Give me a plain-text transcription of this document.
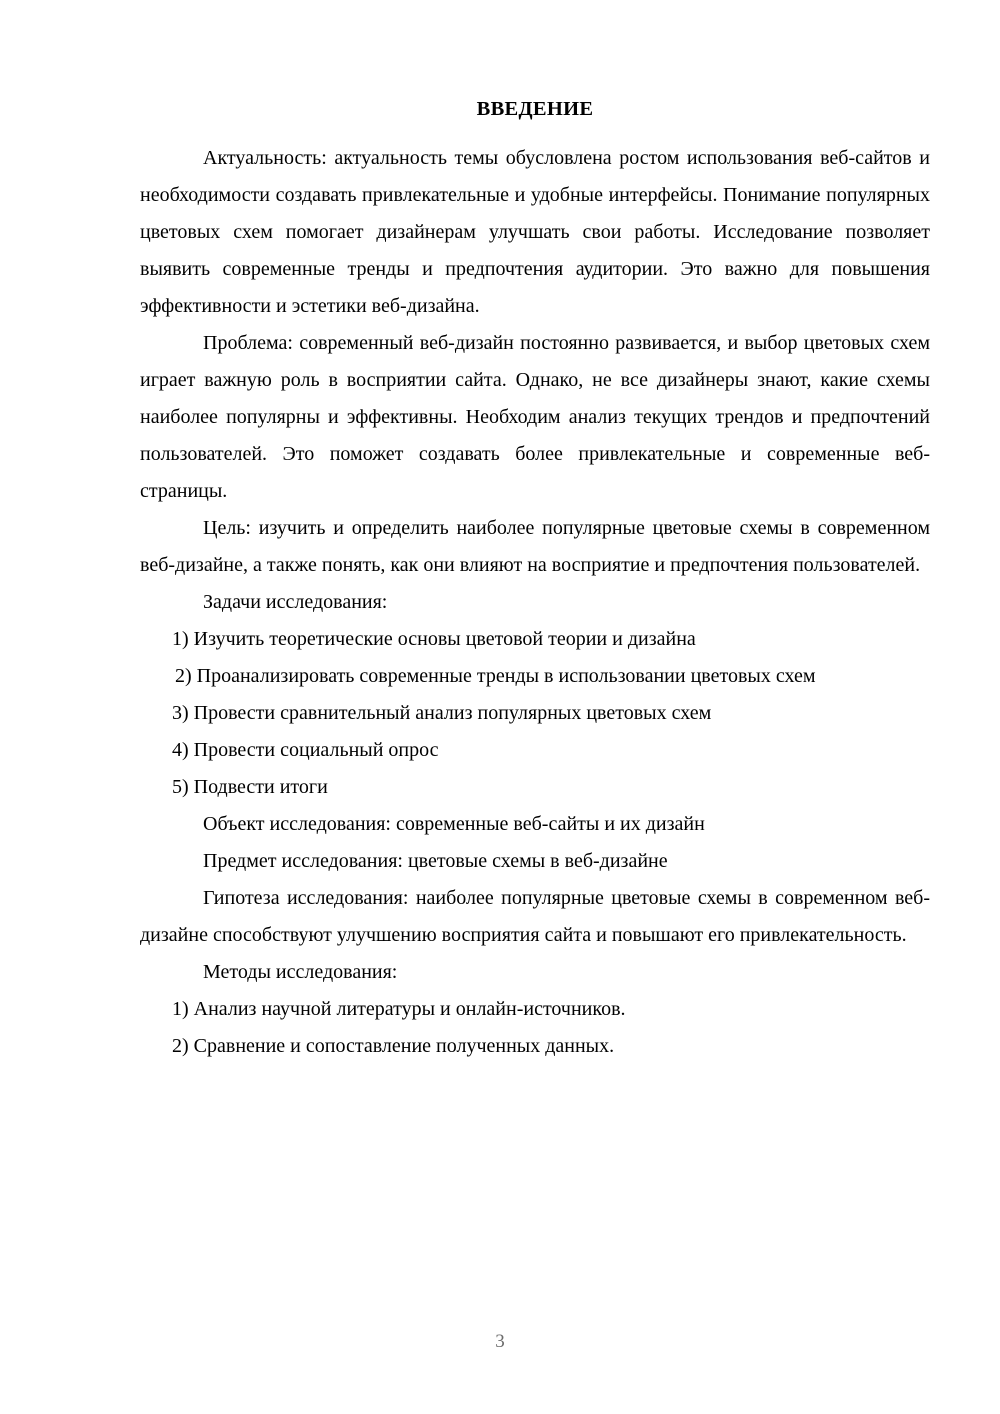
ВВЕДЕНИЕ

Актуальность: актуальность темы обусловлена ростом использования веб-сайтов и необходимости создавать привлекательные и удобные интерфейсы. Понимание популярных цветовых схем помогает дизайнерам улучшать свои работы. Исследование позволяет выявить современные тренды и предпочтения аудитории. Это важно для повышения эффективности и эстетики веб-дизайна.

Проблема: современный веб-дизайн постоянно развивается, и выбор цветовых схем играет важную роль в восприятии сайта. Однако, не все дизайнеры знают, какие схемы наиболее популярны и эффективны. Необходим анализ текущих трендов и предпочтений пользователей. Это поможет создавать более привлекательные и современные веб-страницы.

Цель: изучить и определить наиболее популярные цветовые схемы в современном веб-дизайне, а также понять, как они влияют на восприятие и предпочтения пользователей.

Задачи исследования:

1) Изучить теоретические основы цветовой теории и дизайна

2) Проанализировать современные тренды в использовании цветовых схем

3) Провести сравнительный анализ популярных цветовых схем

4) Провести социальный опрос

5) Подвести итоги

Объект исследования: современные веб-сайты и их дизайн

Предмет исследования: цветовые схемы в веб-дизайне

Гипотеза исследования: наиболее популярные цветовые схемы в современном веб-дизайне способствуют улучшению восприятия сайта и повышают его привлекательность.

Методы исследования:

1) Анализ научной литературы и онлайн-источников.

2) Сравнение и сопоставление полученных данных.

3
